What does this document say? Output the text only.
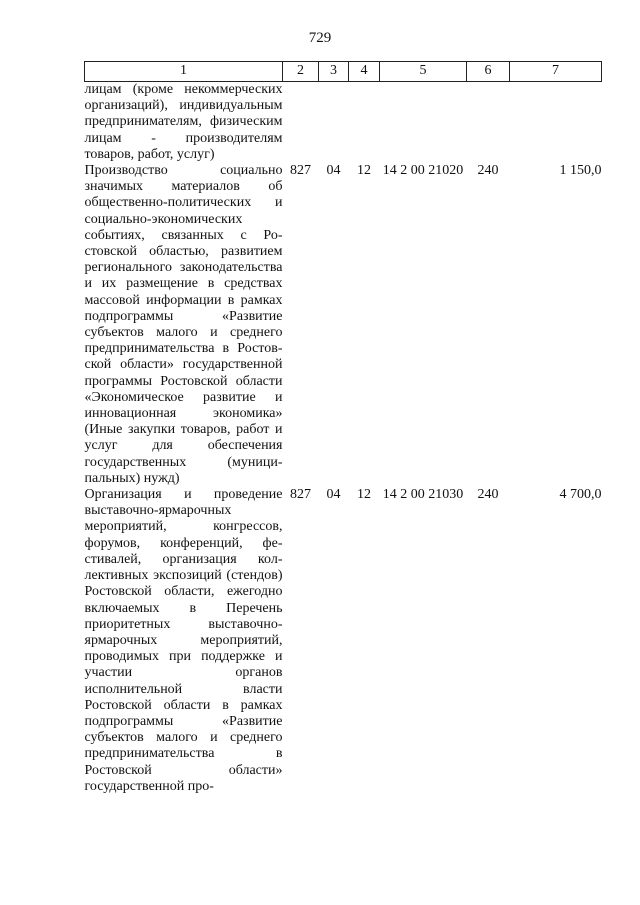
729
1	2	3	4	5	6	7
лицам (кроме некоммерческих организаций), индивидуальным предпринимателям, физическим лицам - производителям товаров, работ, услуг)						
Производство социально значимых материалов об общественно-политических и социально-экономических событиях, связанных с Ростовской областью, развитием регионального законодательства и их размещение в средствах массовой информации в рамках подпрограммы «Развитие субъектов малого и среднего предпринимательства в Ростовской области» государственной программы Ростовской области «Экономическое развитие и инновационная экономика» (Иные закупки товаров, работ и услуг для обеспечения государственных (муниципальных) нужд)	827	04	12	14 2 00 21020	240	1 150,0
Организация и проведение выставочно-ярмарочных мероприятий, конгрессов, форумов, конференций, фестивалей, организация коллективных экспозиций (стендов) Ростовской области, ежегодно включаемых в Перечень приоритетных выставочно-ярмарочных мероприятий, проводимых при поддержке и участии органов исполнительной власти Ростовской области в рамках подпрограммы «Развитие субъектов малого и среднего предпринимательства в Ростовской области» государственной про-	827	04	12	14 2 00 21030	240	4 700,0
